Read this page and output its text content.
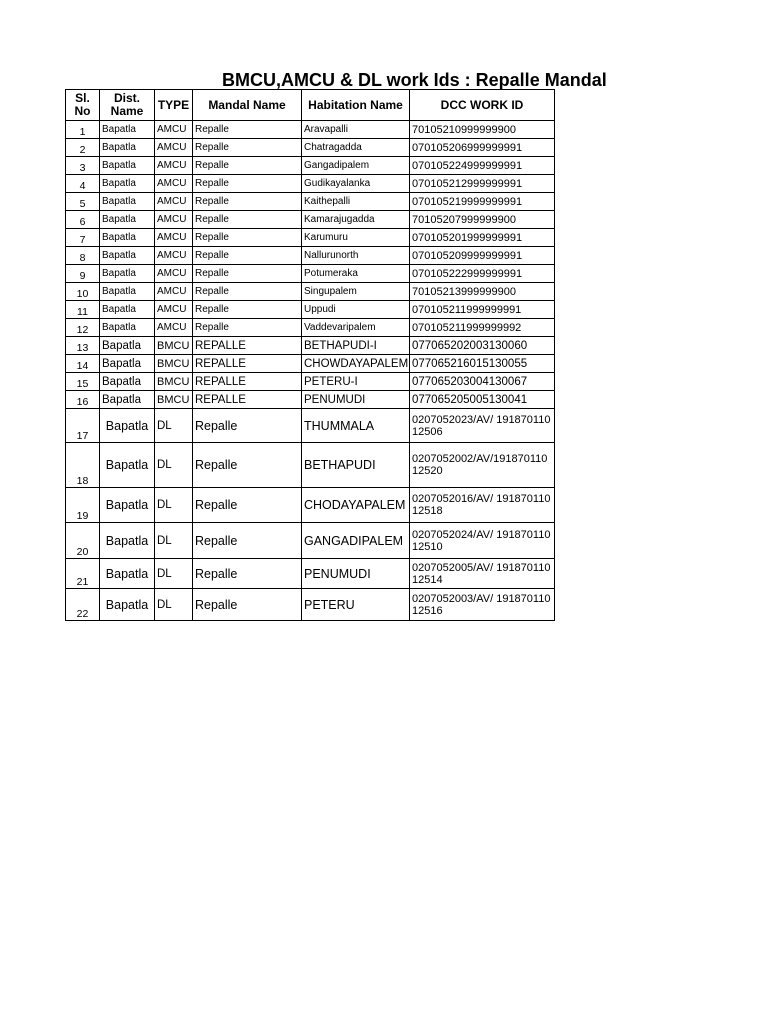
BMCU,AMCU & DL work Ids : Repalle Mandal
Sl. No	Dist. Name	TYPE	Mandal Name	Habitation Name	DCC WORK ID
1	Bapatla	AMCU	Repalle	Aravapalli	70105210999999900
2	Bapatla	AMCU	Repalle	Chatragadda	070105206999999991
3	Bapatla	AMCU	Repalle	Gangadipalem	070105224999999991
4	Bapatla	AMCU	Repalle	Gudikayalanka	070105212999999991
5	Bapatla	AMCU	Repalle	Kaithepalli	070105219999999991
6	Bapatla	AMCU	Repalle	Kamarajugadda	70105207999999900
7	Bapatla	AMCU	Repalle	Karumuru	070105201999999991
8	Bapatla	AMCU	Repalle	Nallurunorth	070105209999999991
9	Bapatla	AMCU	Repalle	Potumeraka	070105222999999991
10	Bapatla	AMCU	Repalle	Singupalem	70105213999999900
11	Bapatla	AMCU	Repalle	Uppudi	070105211999999991
12	Bapatla	AMCU	Repalle	Vaddevaripalem	070105211999999992
13	Bapatla	BMCU	REPALLE	BETHAPUDI-I	077065202003130060
14	Bapatla	BMCU	REPALLE	CHOWDAYAPALEM	077065216015130055
15	Bapatla	BMCU	REPALLE	PETERU-I	077065203004130067
16	Bapatla	BMCU	REPALLE	PENUMUDI	077065205005130041
17	Bapatla	DL	Repalle	THUMMALA	0207052023/AV/ 19187011012506
18	Bapatla	DL	Repalle	BETHAPUDI	0207052002/AV/19187011012520
19	Bapatla	DL	Repalle	CHODAYAPALEM	0207052016/AV/ 19187011012518
20	Bapatla	DL	Repalle	GANGADIPALEM	0207052024/AV/ 19187011012510
21	Bapatla	DL	Repalle	PENUMUDI	0207052005/AV/ 19187011012514
22	Bapatla	DL	Repalle	PETERU	0207052003/AV/ 19187011012516
